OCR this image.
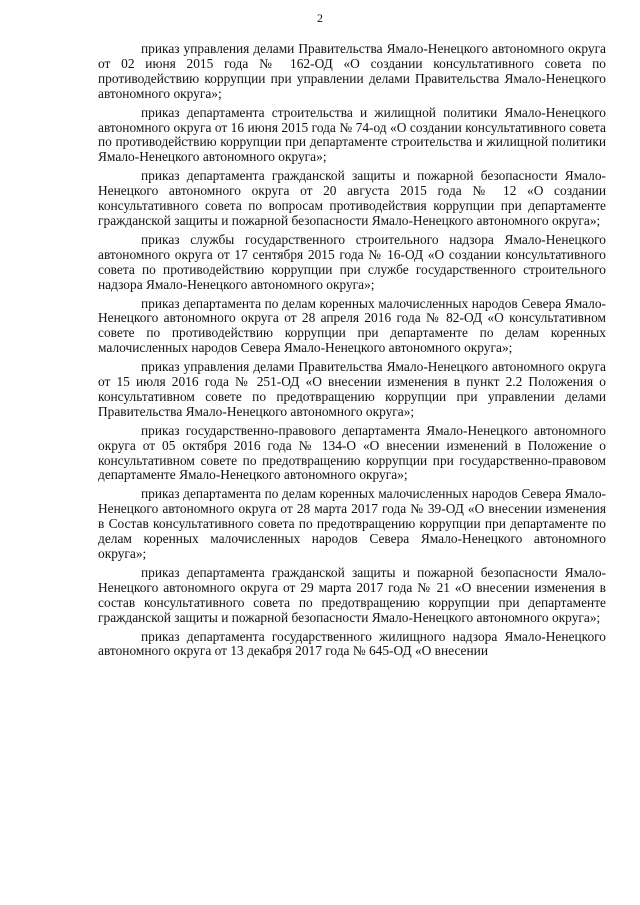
2

приказ управления делами Правительства Ямало-Ненецкого автономного округа от 02 июня 2015 года № 162-ОД «О создании консультативного совета по противодействию коррупции при управлении делами Правительства Ямало-Ненецкого автономного округа»;

приказ департамента строительства и жилищной политики Ямало-Ненецкого автономного округа от 16 июня 2015 года № 74-од «О создании консультативного совета по противодействию коррупции при департаменте строительства и жилищной политики Ямало-Ненецкого автономного округа»;

приказ департамента гражданской защиты и пожарной безопасности Ямало-Ненецкого автономного округа от 20 августа 2015 года № 12 «О создании консультативного совета по вопросам противодействия коррупции при департаменте гражданской защиты и пожарной безопасности Ямало-Ненецкого автономного округа»;

приказ службы государственного строительного надзора Ямало-Ненецкого автономного округа от 17 сентября 2015 года № 16-ОД «О создании консультативного совета по противодействию коррупции при службе государственного строительного надзора Ямало-Ненецкого автономного округа»;

приказ департамента по делам коренных малочисленных народов Севера Ямало-Ненецкого автономного округа от 28 апреля 2016 года № 82-ОД «О консультативном совете по противодействию коррупции при департаменте по делам коренных малочисленных народов Севера Ямало-Ненецкого автономного округа»;

приказ управления делами Правительства Ямало-Ненецкого автономного округа от 15 июля 2016 года № 251-ОД «О внесении изменения в пункт 2.2 Положения о консультативном совете по предотвращению коррупции при управлении делами Правительства Ямало-Ненецкого автономного округа»;

приказ государственно-правового департамента Ямало-Ненецкого автономного округа от 05 октября 2016 года № 134-О «О внесении изменений в Положение о консультативном совете по предотвращению коррупции при государственно-правовом департаменте Ямало-Ненецкого автономного округа»;

приказ департамента по делам коренных малочисленных народов Севера Ямало-Ненецкого автономного округа от 28 марта 2017 года № 39-ОД «О внесении изменения в Состав консультативного совета по предотвращению коррупции при департаменте по делам коренных малочисленных народов Севера Ямало-Ненецкого автономного округа»;

приказ департамента гражданской защиты и пожарной безопасности Ямало-Ненецкого автономного округа от 29 марта 2017 года № 21 «О внесении изменения в состав консультативного совета по предотвращению коррупции при департаменте гражданской защиты и пожарной безопасности Ямало-Ненецкого автономного округа»;

приказ департамента государственного жилищного надзора Ямало-Ненецкого автономного округа от 13 декабря 2017 года № 645-ОД «О внесении
